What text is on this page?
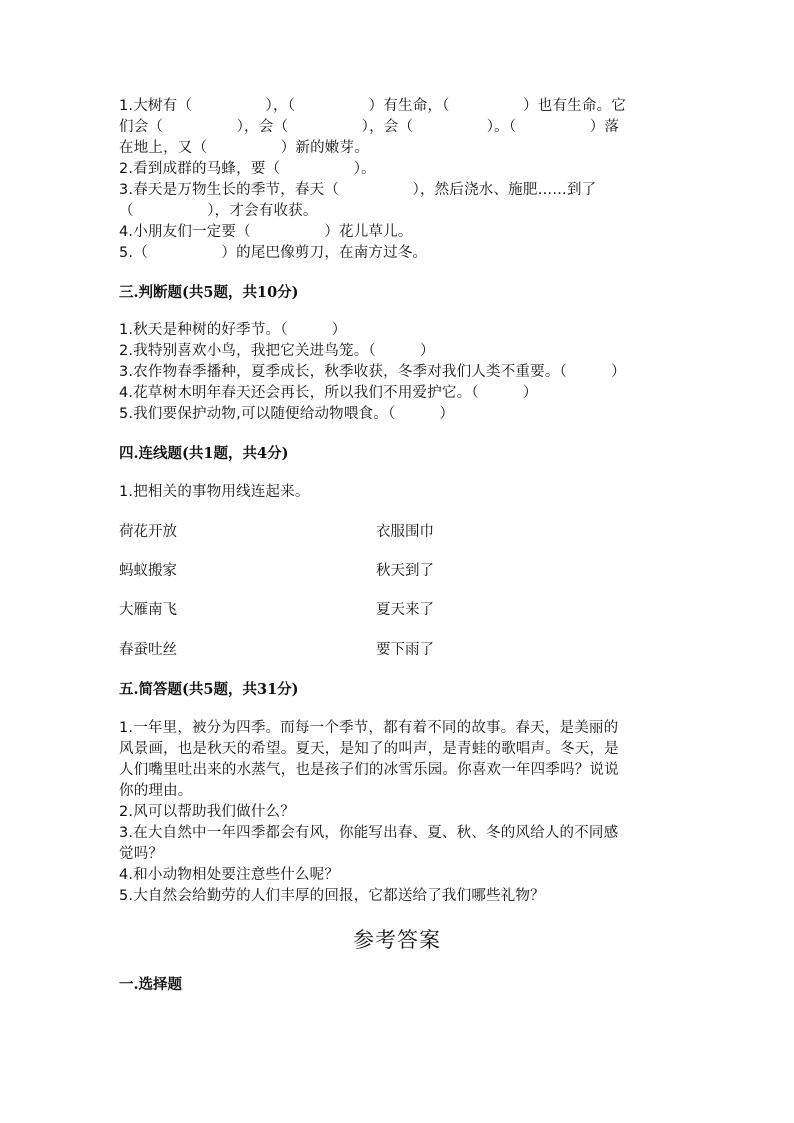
1.大树有（　　　　　），（　　　　　）有生命，（　　　　　）也有生命。它
们会（　　　　　），会（　　　　　），会（　　　　　）。（　　　　　）落
在地上，又（　　　　　）新的嫩芽。
2.看到成群的马蜂，要（　　　　　）。
3.春天是万物生长的季节，春天（　　　　　），然后浇水、施肥……到了
（　　　　　），才会有收获。
4.小朋友们一定要（　　　　　）花儿草儿。
5.（　　　　　）的尾巴像剪刀，在南方过冬。
三.判断题(共5题，共10分)
1.秋天是种树的好季节。（　　　）
2.我特别喜欢小鸟，我把它关进鸟笼。（　　　）
3.农作物春季播种，夏季成长，秋季收获，冬季对我们人类不重要。（　　　）
4.花草树木明年春天还会再长，所以我们不用爱护它。（　　　）
5.我们要保护动物,可以随便给动物喂食。（　　　）
四.连线题(共1题，共4分)
1.把相关的事物用线连起来。
荷花开放	衣服围巾
蚂蚁搬家	秋天到了
大雁南飞	夏天来了
春蚕吐丝	要下雨了
五.简答题(共5题，共31分)
1.一年里，被分为四季。而每一个季节，都有着不同的故事。春天，是美丽的
风景画，也是秋天的希望。夏天，是知了的叫声，是青蛙的歌唱声。冬天，是
人们嘴里吐出来的水蒸气，也是孩子们的冰雪乐园。你喜欢一年四季吗？说说
你的理由。
2.风可以帮助我们做什么？
3.在大自然中一年四季都会有风，你能写出春、夏、秋、冬的风给人的不同感
觉吗？
4.和小动物相处要注意些什么呢？
5.大自然会给勤劳的人们丰厚的回报，它都送给了我们哪些礼物？
参考答案
一.选择题
